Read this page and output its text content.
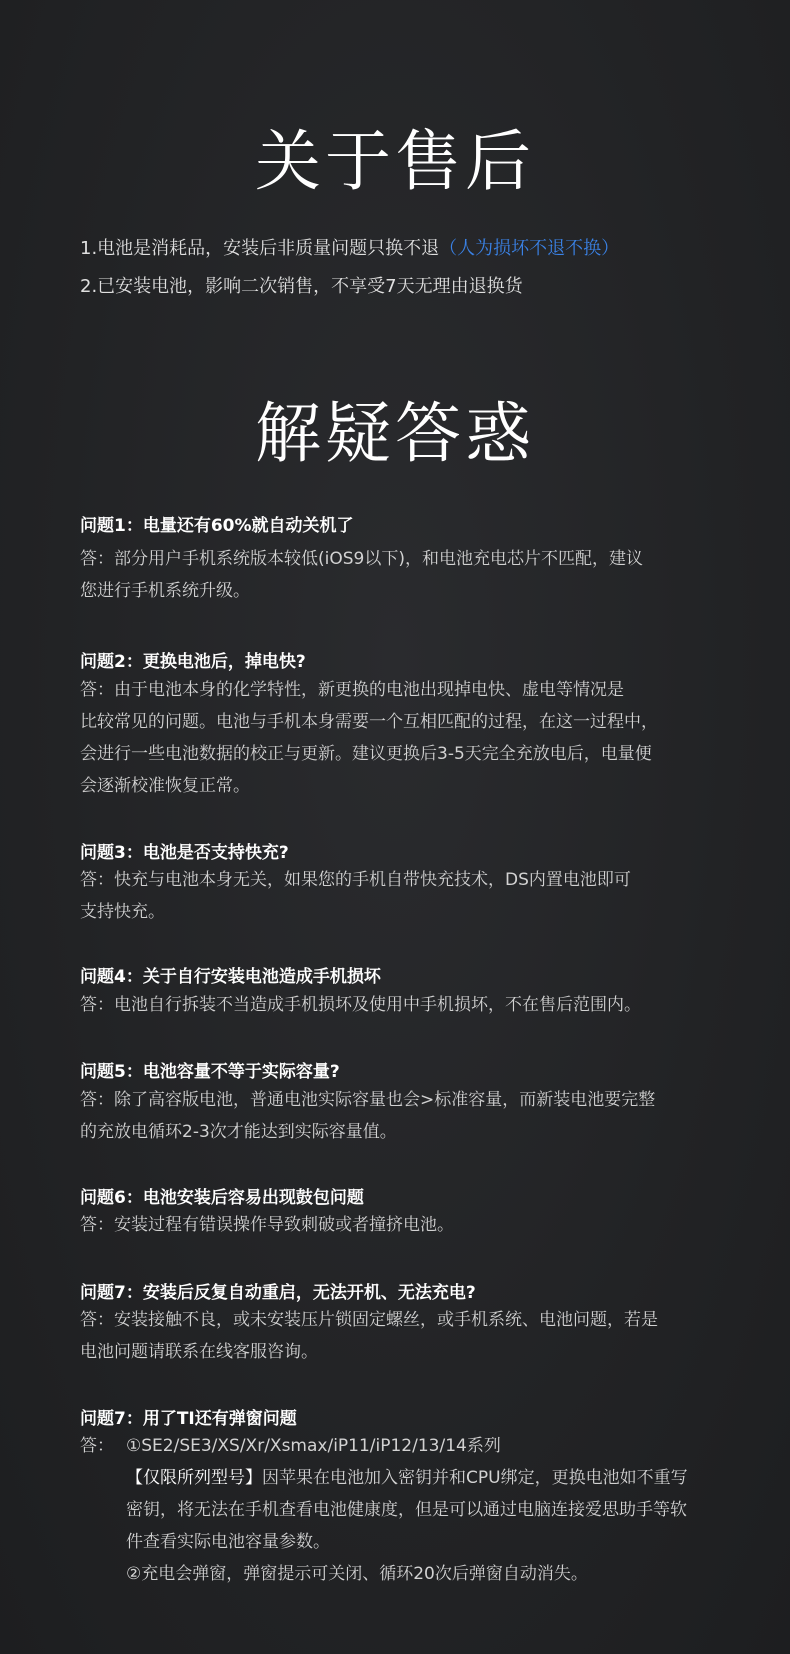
关于售后
1.电池是消耗品，安装后非质量问题只换不退（人为损坏不退不换）
2.已安装电池，影响二次销售，不享受7天无理由退换货
解疑答惑
问题1：电量还有60%就自动关机了
答：部分用户手机系统版本较低(iOS9以下)，和电池充电芯片不匹配，建议
您进行手机系统升级。
问题2：更换电池后，掉电快?
答：由于电池本身的化学特性，新更换的电池出现掉电快、虚电等情况是
比较常见的问题。电池与手机本身需要一个互相匹配的过程，在这一过程中，
会进行一些电池数据的校正与更新。建议更换后3-5天完全充放电后，电量便
会逐渐校准恢复正常。
问题3：电池是否支持快充?
答：快充与电池本身无关，如果您的手机自带快充技术，DS内置电池即可
支持快充。
问题4：关于自行安装电池造成手机损坏
答：电池自行拆装不当造成手机损坏及使用中手机损坏，不在售后范围内。
问题5：电池容量不等于实际容量?
答：除了高容版电池，普通电池实际容量也会>标准容量，而新装电池要完整
的充放电循环2-3次才能达到实际容量值。
问题6：电池安装后容易出现鼓包问题
答：安装过程有错误操作导致刺破或者撞挤电池。
问题7：安装后反复自动重启，无法开机、无法充电?
答：安装接触不良，或未安装压片锁固定螺丝，或手机系统、电池问题，若是
电池问题请联系在线客服咨询。
问题7：用了TI还有弹窗问题
答： ①SE2/SE3/XS/Xr/Xsmax/iP11/iP12/13/14系列
【仅限所列型号】因苹果在电池加入密钥并和CPU绑定，更换电池如不重写
密钥，将无法在手机查看电池健康度，但是可以通过电脑连接爱思助手等软
件查看实际电池容量参数。
②充电会弹窗，弹窗提示可关闭、循环20次后弹窗自动消失。
